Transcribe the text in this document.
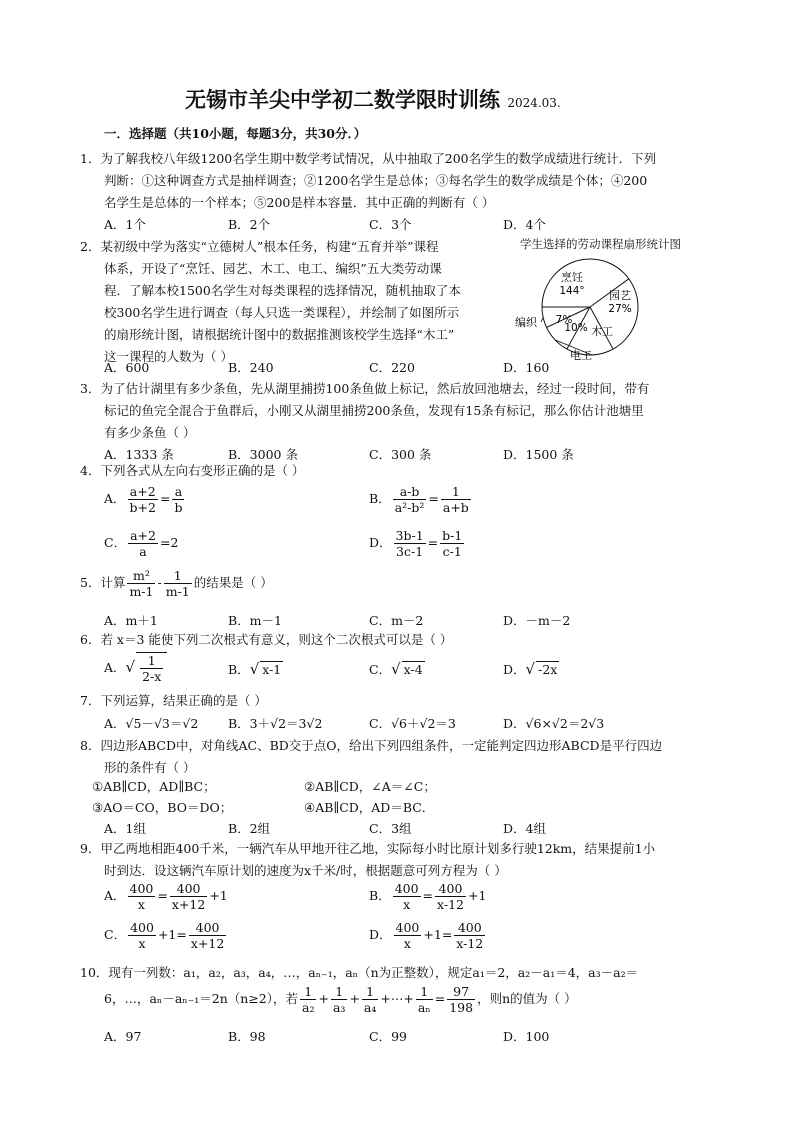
无锡市羊尖中学初二数学限时训练 2024.03.
一．选择题（共10小题，每题3分，共30分．）
1．为了解我校八年级1200名学生期中数学考试情况，从中抽取了200名学生的数学成绩进行统计．下列
判断：①这种调查方式是抽样调查；②1200名学生是总体；③每名学生的数学成绩是个体；④200
名学生是总体的一个样本；⑤200是样本容量．其中正确的判断有（ ）
A．1个	B．2个	C．3个	D．4个
2．某初级中学为落实“立德树人”根本任务，构建“五育并举”课程
体系，开设了“烹饪、园艺、木工、电工、编织”五大类劳动课
程．了解本校1500名学生对每类课程的选择情况，随机抽取了本
校300名学生进行调查（每人只选一类课程），并绘制了如图所示
的扇形统计图，请根据统计图中的数据推测该校学生选择“木工”
这一课程的人数为（ ）
A．600	B．240	C．220	D．160
学生选择的劳动课程扇形统计图
烹饪
144° 园艺
27%
木工
10%
电工
7%
编织
3．为了估计湖里有多少条鱼，先从湖里捕捞100条鱼做上标记，然后放回池塘去，经过一段时间，带有
标记的鱼完全混合于鱼群后，小刚又从湖里捕捞200条鱼，发现有15条有标记，那么你估计池塘里
有多少条鱼（ ）
A．1333 条	B．3000 条	C．300 条	D．1500 条
4．下列各式从左向右变形正确的是（ ）
A． $\frac{a+2}{b+2} = \frac{a}{b}$	B． $\frac{a-b}{\text{a²-b²}} = \frac{1}{a+b}$
C． $\frac{a+2}{a} =2$	D． $\frac{3b-1}{3c-1} = \frac{b-1}{c-1}$
5．计算 $\frac{\text{m²}}{m-1} - \frac{1}{m-1}$ 的结果是（ ）
A．m＋1	B．m－1	C．m－2	D．－m－2
6．若 x＝3 能使下列二次根式有意义，则这个二次根式可以是（ ）
A．√ $\frac{1}{2-x}$	B．√ x-1	C．√ x-4	D．√ -2x
7．下列运算，结果正确的是（ ）
A．√5－√3＝√2 B．3＋√2＝3√2	C．√6＋√2＝3	D．√6×√2＝2√3
8．四边形ABCD中，对角线AC、BD交于点O，给出下列四组条件，一定能判定四边形ABCD是平行四边
形的条件有（ ）
①AB∥CD，AD∥BC；	②AB∥CD，∠A＝∠C；
③AO＝CO，BO＝DO；	④AB∥CD，AD＝BC．
A．1组	B．2组	C．3组	D．4组
9．甲乙两地相距400千米，一辆汽车从甲地开往乙地，实际每小时比原计划多行驶12km，结果提前1小
时到达．设这辆汽车原计划的速度为x千米/时，根据题意可列方程为（ ）
A． $\frac{400}{x} = \frac{400}{x+12} +1$	B． $\frac{400}{x} = \frac{400}{x-12} +1$
C． $\frac{400}{x} +1= \frac{400}{x+12}$	D． $\frac{400}{x} +1= \frac{400}{x-12}$
10．现有一列数：a₁，a₂，a₃，a₄，…，aₙ₋₁，aₙ（n为正整数），规定a₁＝2，a₂－a₁＝4，a₃－a₂＝
6，…，aₙ－aₙ₋₁＝2n（n≥2），若 $\frac{1}{\text{a₂}} + \frac{1}{\text{a₃}} + \frac{1}{\text{a₄}}$ +⋯+ $\frac{1}{\text{aₙ}} = \frac{97}{198}$ ，则n的值为（ ）
A．97	B．98	C．99	D．100
